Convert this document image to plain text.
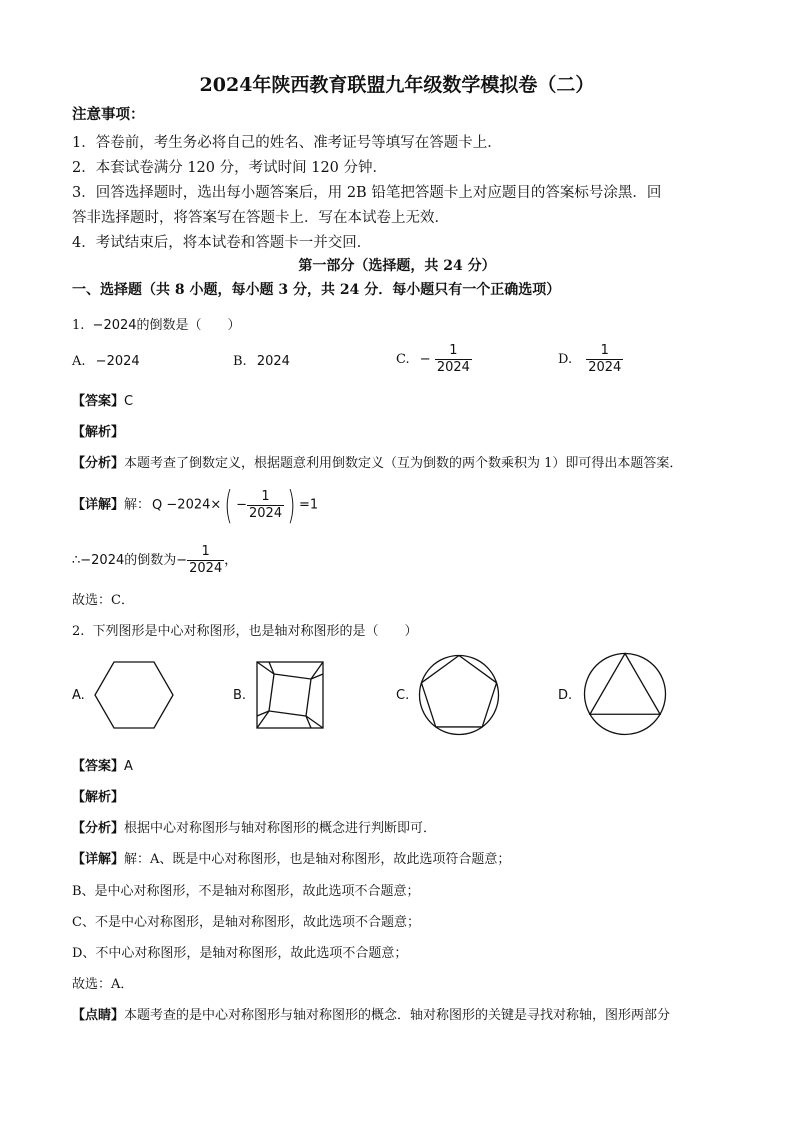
2024年陕西教育联盟九年级数学模拟卷（二）
注意事项：
1．答卷前，考生务必将自己的姓名、准考证号等填写在答题卡上．
2．本套试卷满分 120 分，考试时间 120 分钟．
3．回答选择题时，选出每小题答案后，用 2B 铅笔把答题卡上对应题目的答案标号涂黑．回
答非选择题时，将答案写在答题卡上．写在本试卷上无效．
4．考试结束后，将本试卷和答题卡一并交回．
第一部分（选择题，共 24 分）
一、选择题（共 8 小题，每小题 3 分，共 24 分．每小题只有一个正确选项）
1. −2024的倒数是（　　）
A. −2024	B. 2024	C. − $\frac{1}{2024}$	D. $\frac{1}{2024}$
【答案】C
【解析】
【分析】本题考查了倒数定义，根据题意利用倒数定义（互为倒数的两个数乘积为 1）即可得出本题答案．
【详解】解： $Q -2024\times( - \frac{1}{2024}$ ) =1
∴−2024的倒数为− $\frac{1}{2024}$ ，
故选：C．
2. 下列图形是中心对称图形，也是轴对称图形的是（　　）
A.	B.	C.	D.
【答案】A
【解析】
【分析】根据中心对称图形与轴对称图形的概念进行判断即可．
【详解】解：A、既是中心对称图形，也是轴对称图形，故此选项符合题意；
B、是中心对称图形，不是轴对称图形，故此选项不合题意；
C、不是中心对称图形，是轴对称图形，故此选项不合题意；
D、不中心对称图形，是轴对称图形，故此选项不合题意；
故选：A．
【点睛】本题考查的是中心对称图形与轴对称图形的概念．轴对称图形的关键是寻找对称轴，图形两部分
